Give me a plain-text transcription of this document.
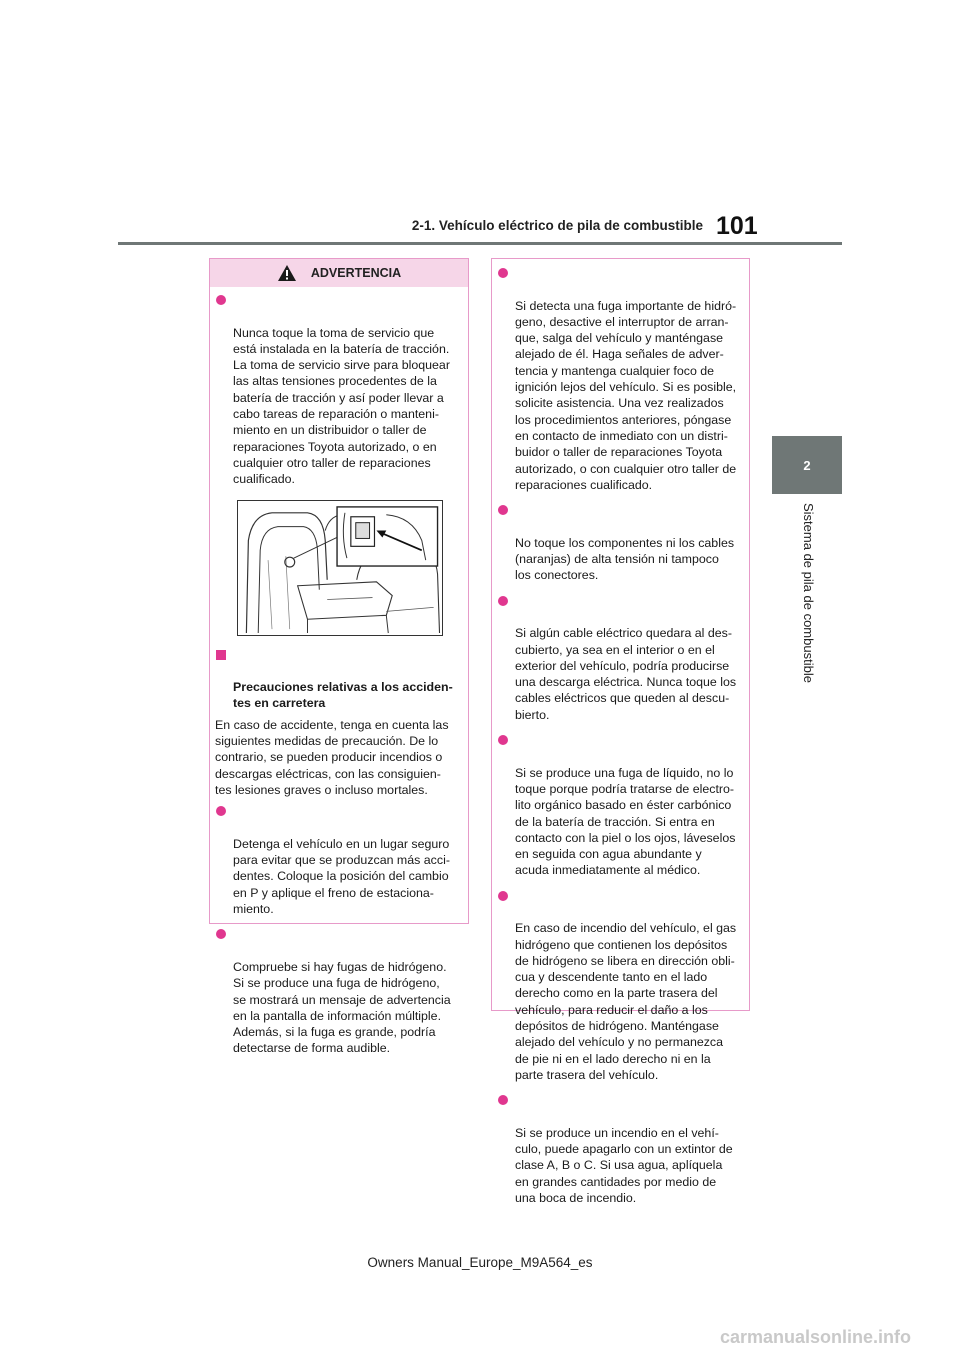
2-1. Vehículo eléctrico de pila de combustible 101
2
Sistema de pila de combustible
ADVERTENCIA

Nunca toque la toma de servicio que
está instalada en la batería de tracción.
La toma de servicio sirve para bloquear
las altas tensiones procedentes de la
batería de tracción y así poder llevar a
cabo tareas de reparación o manteni-
miento en un distribuidor o taller de
reparaciones Toyota autorizado, o en
cualquier otro taller de reparaciones
cualificado.

Precauciones relativas a los acciden-
tes en carretera

En caso de accidente, tenga en cuenta las
siguientes medidas de precaución. De lo
contrario, se pueden producir incendios o
descargas eléctricas, con las consiguien-
tes lesiones graves o incluso mortales.

Detenga el vehículo en un lugar seguro
para evitar que se produzcan más acci-
dentes. Coloque la posición del cambio
en P y aplique el freno de estaciona-
miento.

Compruebe si hay fugas de hidrógeno.
Si se produce una fuga de hidrógeno,
se mostrará un mensaje de advertencia
en la pantalla de información múltiple.
Además, si la fuga es grande, podría
detectarse de forma audible.

Si detecta una fuga importante de hidró-
geno, desactive el interruptor de arran-
que, salga del vehículo y manténgase
alejado de él. Haga señales de adver-
tencia y mantenga cualquier foco de
ignición lejos del vehículo. Si es posible,
solicite asistencia. Una vez realizados
los procedimientos anteriores, póngase
en contacto de inmediato con un distri-
buidor o taller de reparaciones Toyota
autorizado, o con cualquier otro taller de
reparaciones cualificado.

No toque los componentes ni los cables
(naranjas) de alta tensión ni tampoco
los conectores.

Si algún cable eléctrico quedara al des-
cubierto, ya sea en el interior o en el
exterior del vehículo, podría producirse
una descarga eléctrica. Nunca toque los
cables eléctricos que queden al descu-
bierto.

Si se produce una fuga de líquido, no lo
toque porque podría tratarse de electro-
lito orgánico basado en éster carbónico
de la batería de tracción. Si entra en
contacto con la piel o los ojos, láveselos
en seguida con agua abundante y
acuda inmediatamente al médico.

En caso de incendio del vehículo, el gas
hidrógeno que contienen los depósitos
de hidrógeno se libera en dirección obli-
cua y descendente tanto en el lado
derecho como en la parte trasera del
vehículo, para reducir el daño a los
depósitos de hidrógeno. Manténgase
alejado del vehículo y no permanezca
de pie ni en el lado derecho ni en la
parte trasera del vehículo.

Si se produce un incendio en el vehí-
culo, puede apagarlo con un extintor de
clase A, B o C. Si usa agua, aplíquela
en grandes cantidades por medio de
una boca de incendio.

Owners Manual_Europe_M9A564_es
carmanualsonline.info
